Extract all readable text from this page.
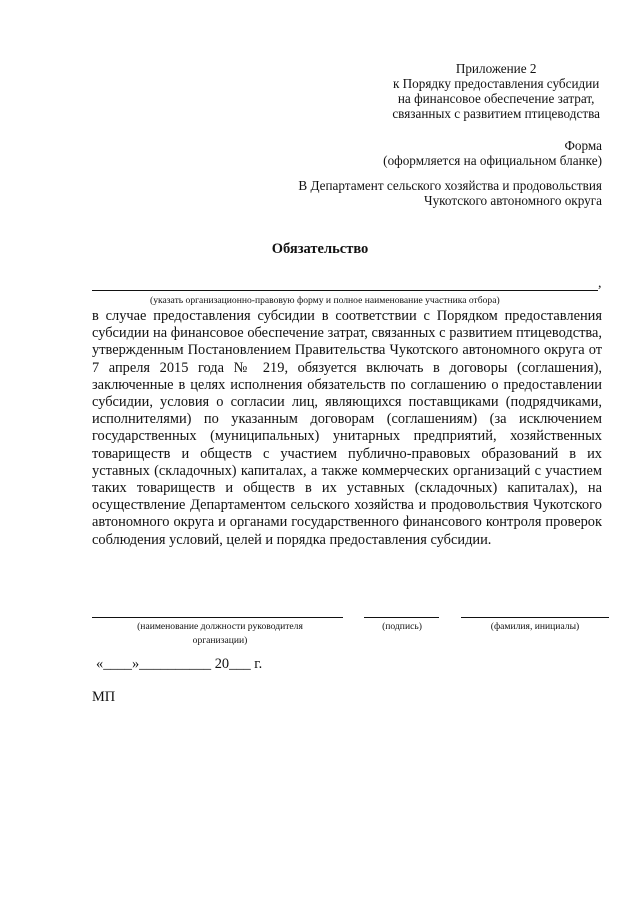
Приложение 2
к Порядку предоставления субсидии
на финансовое обеспечение затрат,
связанных с развитием птицеводства
Форма
(оформляется на официальном бланке)
В Департамент сельского хозяйства и продовольствия
Чукотского автономного округа
Обязательство
,
(указать организационно-правовую форму и полное наименование участника отбора)
в случае предоставления субсидии в соответствии с Порядком предоставления субсидии на финансовое обеспечение затрат, связанных с развитием птицеводства, утвержденным Постановлением Правительства Чукотского автономного округа от 7 апреля 2015 года № 219, обязуется включать в договоры (соглашения), заключенные в целях исполнения обязательств по соглашению о предоставлении субсидии, условия о согласии лиц, являющихся поставщиками (подрядчиками, исполнителями) по указанным договорам (соглашениям) (за исключением государственных (муниципальных) унитарных предприятий, хозяйственных товариществ и обществ с участием публично-правовых образований в их уставных (складочных) капиталах, а также коммерческих организаций с участием таких товариществ и обществ в их уставных (складочных) капиталах), на осуществление Департаментом сельского хозяйства и продовольствия Чукотского автономного округа и органами государственного финансового контроля проверок соблюдения условий, целей и порядка предоставления субсидии.
(наименование должности руководителя
организации)
(подпись)	(фамилия, инициалы)
«____»__________ 20___ г.
МП
